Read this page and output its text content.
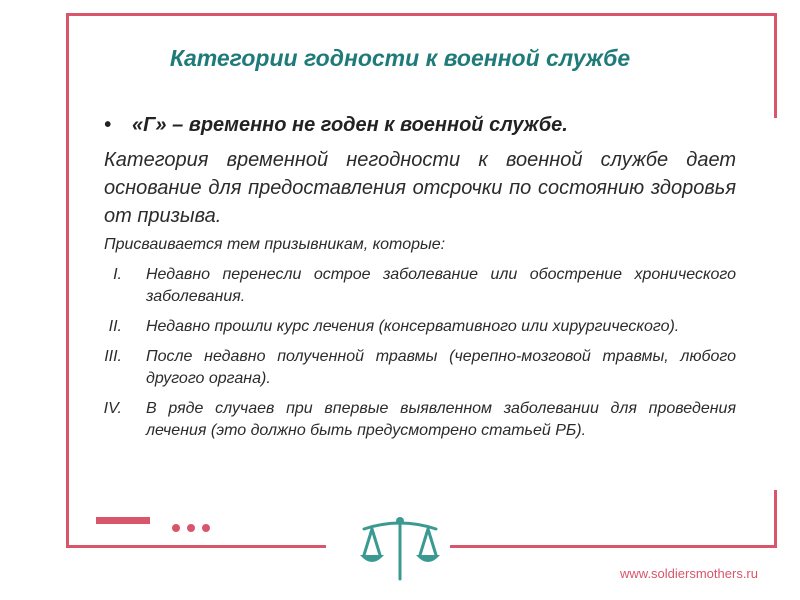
Категории годности к военной службе
• «Г» – временно не годен к военной службе.
Категория временной негодности к военной службе дает основание для предоставления отсрочки по состоянию здоровья от призыва.
Присваивается тем призывникам, которые:
I.	Недавно перенесли острое заболевание или обострение хронического заболевания.
II.	Недавно прошли курс лечения (консервативного или хирургического).
III.	После недавно полученной травмы (черепно-мозговой травмы, любого другого органа).
IV.	В ряде случаев при впервые выявленном заболевании для проведения лечения (это должно быть предусмотрено статьей РБ).
www.soldiersmothers.ru
